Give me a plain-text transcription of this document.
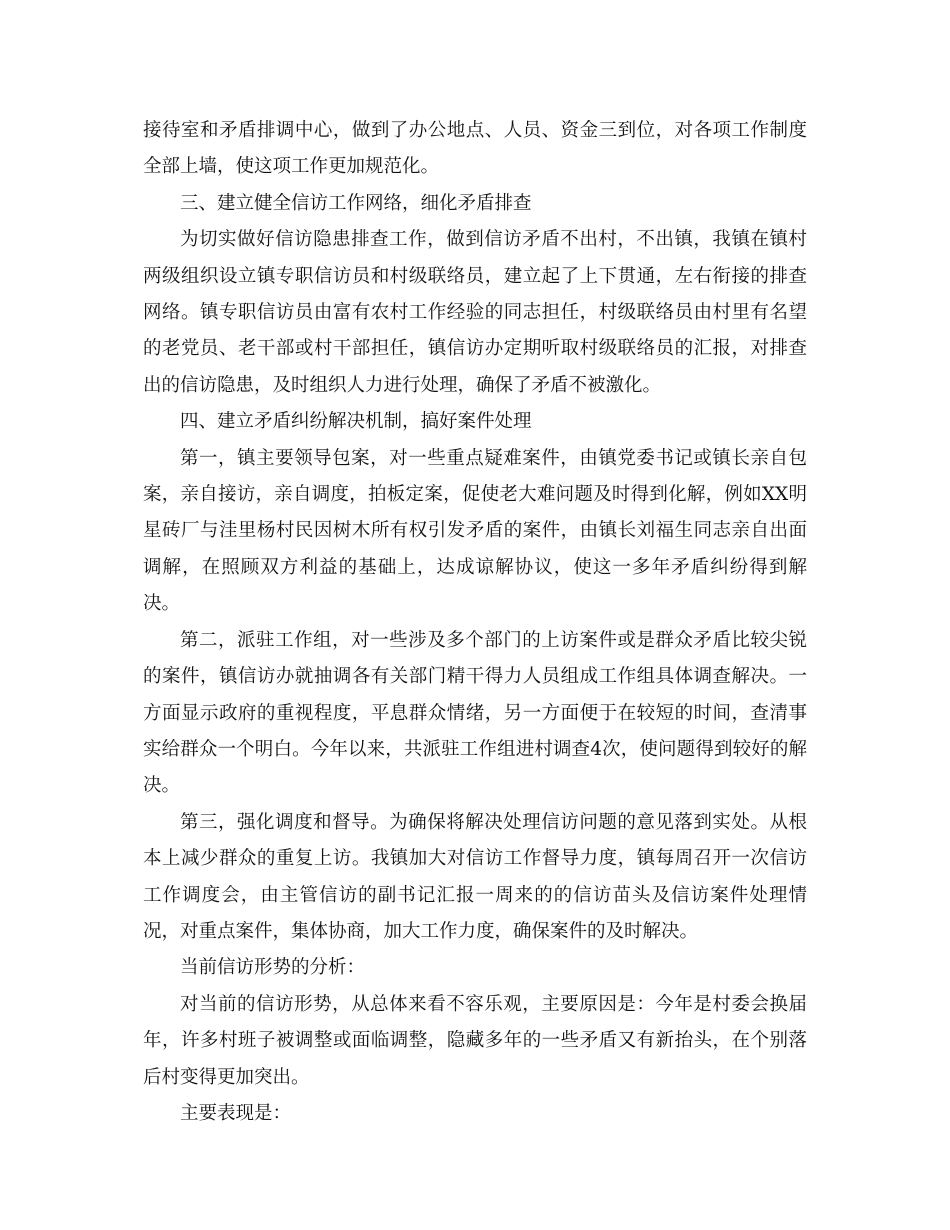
接待室和矛盾排调中心，做到了办公地点、人员、资金三到位，对各项工作制度全部上墙，使这项工作更加规范化。

三、建立健全信访工作网络，细化矛盾排查

为切实做好信访隐患排查工作，做到信访矛盾不出村，不出镇，我镇在镇村两级组织设立镇专职信访员和村级联络员，建立起了上下贯通，左右衔接的排查网络。镇专职信访员由富有农村工作经验的同志担任，村级联络员由村里有名望的老党员、老干部或村干部担任，镇信访办定期听取村级联络员的汇报，对排查出的信访隐患，及时组织人力进行处理，确保了矛盾不被激化。

四、建立矛盾纠纷解决机制，搞好案件处理

第一，镇主要领导包案，对一些重点疑难案件，由镇党委书记或镇长亲自包案，亲自接访，亲自调度，拍板定案，促使老大难问题及时得到化解，例如XX明星砖厂与洼里杨村民因树木所有权引发矛盾的案件，由镇长刘福生同志亲自出面调解，在照顾双方利益的基础上，达成谅解协议，使这一多年矛盾纠纷得到解决。

第二，派驻工作组，对一些涉及多个部门的上访案件或是群众矛盾比较尖锐的案件，镇信访办就抽调各有关部门精干得力人员组成工作组具体调查解决。一方面显示政府的重视程度，平息群众情绪，另一方面便于在较短的时间，查清事实给群众一个明白。今年以来，共派驻工作组进村调查4次，使问题得到较好的解决。

第三，强化调度和督导。为确保将解决处理信访问题的意见落到实处。从根本上减少群众的重复上访。我镇加大对信访工作督导力度，镇每周召开一次信访工作调度会，由主管信访的副书记汇报一周来的的信访苗头及信访案件处理情况，对重点案件，集体协商，加大工作力度，确保案件的及时解决。

当前信访形势的分析：

对当前的信访形势，从总体来看不容乐观，主要原因是：今年是村委会换届年，许多村班子被调整或面临调整，隐藏多年的一些矛盾又有新抬头，在个别落后村变得更加突出。

主要表现是：
